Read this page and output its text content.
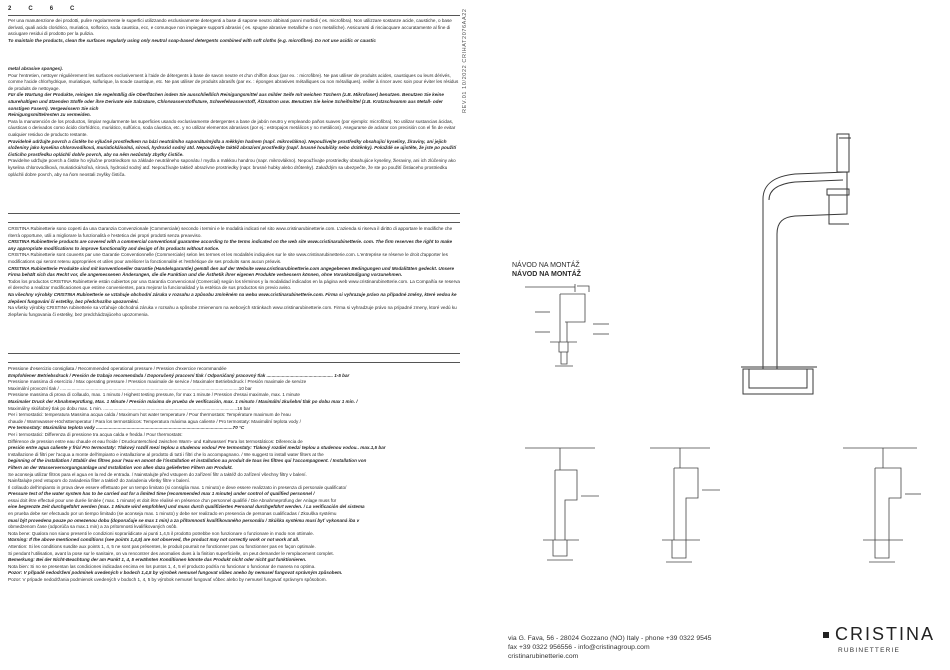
2 C 6 C

Per una manutenzione dei prodotti, pulire regolarmente le superfici utilizzando esclusivamente detergenti a base di sapone neutro abbinati panni morbidi ( es. microfibra). Non utilizzare sostanze acide, caustiche, o base derivati, quali acido cloridrico, muriatico, solforico, soda caustica, ecc, e comunque non impiegare supporti abrasivi ( es. spugne abrasive metalliche o non metalliche). Assicurarsi di risciacquare accuratamente al fine di asciugare residui di prodotto per la pulizia.

To maintain the products, clean the surfaces regularly using only neutral soap-based detergents combined with soft cloths (e.g. microfibre). Do not use acidic or caustic

metal abrasive sponges).

Pour l'entretien, nettoyer régulièrement les surfaces exclusivement à l'aide de détergents à base de savon neutre et d'un chiffon doux (par ex. : microfibre). Ne pas utiliser de produits acides, caustiques ou leurs dérivés, comme l'acide chlorhydrique, muriatique, sulfurique, la soude caustique, etc. Ne pas utiliser de produits abrasifs (par ex. : éponges abrasives métalliques ou non métalliques). veiller à rincer avec soin pour éviter les résidus de produits de nettoyage.

Für die Wartung der Produkte, reinigen Sie regelmäßig die Oberflächen indem Sie ausschließlich Reinigungsmittel aus milder Seife mit weichen Tüchern (z.B. Mikrofaser) benutzen. Benutzen Sie keine säurehaltigen und ätzenden Stoffe oder ihre Derivate wie Salzsäure, Chlorwasserstoffsäure, Schwefelwasserstoff, Ätznatron usw. Benutzen Sie keine Scheifmittel (z.B. Kratzschwamm aus Metall- oder sonstigen Fasern). Vergewissern Sie sich

Reinigungsmittelresten zu vermeiden.

Para la manutención de los productos, limpiar regularmente las superficies usando exclusivamente detergentes a base de jabón neutro y empleando paños suaves (por ejemplo: microfibra). No utilizar sustancias ácidas, cáusticas o derivados como ácido clorhídrico, muriático, sulfúrico, soda cáustica, etc. y no utilizar elementos abrasivos (por ej.: estropajos metálicos y no metálicos). Asegurarse de aclarar con precisión con el fin de evitar cualquier residuo de producto restante.

Pravidelně udržujte povrch a čistěte ho výlučně prostředkem na bázi neutrálního saponátu/mýdla a měkkým hadrem (např. mikrovlákno). Nepoužívejte prostředky obsahující kyseliny, žíraviny, ani jejich složeniny jako kyselina chlorovodíková, muriatická/solná, sírová, hydroxid sodný atd. Nepoužívejte taktéž abrazivní prostředky (např. brusné houbičky nebo drátěnky). Pokaždé se ujistěte, že jste po použití čisticího prostředku opláchli dobře povrch, aby na něm nezůstaly zbytky čističe.

Pravidelne udržujte povrch a čistite ho výlučne prostriedkom na základe neutrálneho saponátu / mydla a mäkkou handrou (napr. mikrovlákno). Nepoužívajte prostriedky obsahujúce kyseliny, žieraviny, ani ich zlúčeniny ako kyselina chlorovodíková, muriatická/soľná, sírová, hydroxid sodný atď. Nepoužívajte taktiež abrazívne prostriedky (napr. brusné hubky alebo drôtenky). Zakaždým sa ubezpečte, že ste po použití čistiaceho prostriedku opláchli dobre povrch, aby na ňom neostali zvyšky čističa.

CRISTINA Rubinetterie sono coperti da una Garanzia Convenzionale (Commerciale) secondo i termini e le modalità indicati nel sito www.cristinarubinetterie.com. L'azienda si riserva il diritto di apportare le modifiche che riterrà opportune, utili a migliorare la funzionalità e l'estetica dei propri prodotti senza preavviso.

CRISTINA Rubinetterie products are covered with a commercial conventional guarantee according to the terms indicated on the web site www.cristinarubinetterie. com. The firm reserves the right to make any appropriate modifications to improve functionality and design of its products without notice.

CRISTINA Rubinetterie sont couverts par une Garantie Conventionnelle (Commerciale) selon les termes et les modalités indiquées sur le site www.cristinarubinetterie.com. L'entreprise se réserve le droit d'apporter les modifications qui seront retenu appropriées et utiles pour améliorer la fonctionnalité et l'esthétique de ses produits sans aucun préavis.

CRISTINA Rubinetterie Produkte sind mit konventioneller Garantie (Handelsgarantie) gemäß den auf der Website www.cristinarubinetterie.com angegebenen Bedingungen und Modalitäten gedeckt. Unsere Firma behält sich das Recht vor, die angemessenen Änderungen, die die Funktion und die Ästhetik ihrer eigenen Produkte verbessern können, ohne Vorankündigung vorzunehmen.

Todos los productos CRISTINA Rubinetterie están cubiertos por una Garantía Convencional (Comercial) según los términos y la modalidad indicados en la página web www.cristinarubinetterie.com. La Compañía se reserva el derecho a realizar modificaciones que estime convenientes, para mejorar la funcionalidad y la estética de sus productos sin previo aviso.

Na všechny výrobky CRISTINA Rubinetterie se vztahuje obchodní záruka v rozsahu a způsobu zmíněném na webu www.cristinarubinetterie.com. Firma si vyhrazuje právo na případné změny, které vedou ke zlepšení fungování či estetiky, bez předchozího upozornění.

Na všetky výrobky CRISTINA rubinetterie sa vzťahuje obchodná záruka v rozsahu a spôsobe zmienenom na webových stránkach www.cristinarubinetterie.com. Firma si vyhradzuje právo na prípadné zmeny, ktoré vedú ku zlepšeniu fungovania či estetiky, bez predchádzajúceho upozornenia.

Pressione d'esercizio consigliata / Recommended operational pressure / Pression d'exercice recommandée

Empfohlener Betriebsdruck / Presión de trabajo recomendada / Doporučený pracovní tlak / Odporúčaný pracovný tlak .................................................... 1-5 bar

Pressione massima di esercizio / Max operating pressure / Pression maximale de service / Maximaler Betriebsdruck / Presión maximale de servize

Maximální provozní tlak / ............................................................................................................................................10 bar

Pressione massima di prova di collaudo, max. 1 minuto / Highest testing pressure, for max 1 minute / Pression d'essai maximale, max. 1 minute

Maximaler Druck der Abnahmeprüfung, Max. 1 Minute / Presión máxima de prueba de verificación, max. 1 minuto / Maximální zkušební tlak po dobu max 1 min. /

Maximálny skúšobný tlak po dobu max. 1 min. .........................................................................................................16 bar

Per i termostatici: temperatura Massima acqua calda / Maximum hot water temperature / Pour thermostats: Température maximum de l'eau

chaude / Warmwasser-Höchsttemperatur / Para los termostáticos: Temperatura máxima agua caliente / Pro termostaty: Maximální teplota vody /

Pre termostaty: Maximálna teplota vody ...........................................................................................................70 °C

Per i termostatici: Differenza di pressione tra acqua calda e fredda / Pour thermostats:

Différence de pression entre eau chaude et eau froide / Druckunterschied zwischen Warm- und Kaltwasser/ Para los termostáticos: Diferencia de

presión entre agua caliente y fría/ Pro termostaty: Tlakový rozdíl mezi teplou a studenou vodou/ Pre termostaty: Tlakový rozdiel medzi teplou a studenou vodou.. max.1,5 bar

Installazione di filtri per l'acqua a monte dell'impianto e installazione al prodotto di tutti i filtri che lo accompagnano. / We suggest to install water filters at the

beginning of the installation / Etablir des filtres pour l'eau en amont de l'installation et installation au produit de tous les filtres qui l'accompagnent. / Installation von

Filtern an der Wasserversorgungsanlage und Installation von allen dazu gelieferten Filtern am Produkt.

Se aconseja utilizar filtros para el agua en la red de entrada. / Nainstalujte před vstupem do zařízení filtr a taktéž do zařízení všechny filtry v balení.

Nainštalujte pred vstupom do zariadenia filter a taktiež do zariadenia všetky filtre v balení.

Il collaudo dell'impianto in prova deve essere effettuato per un tempo limitato (si consiglia max. 1 minuto) e deve essere realizzato in presenza di personale qualificato/

Pressure test of the water system has to be carried out for a limited time (recommended max 1 minute) under control of qualified personnel /

essai doit être effectué pour une durée limitée ( max. 1 minute) et doit être réalisé en présence d'un personnel qualifié / Die Abnahmeprüfung der Anlage muss für

eine begrenzte Zeit durchgeführt werden (max. 1 Minute wird empfohlen) und muss durch qualifiziertes Personal durchgeführt werden. / La verificación del sistema

en prueba debe ser efectuado por un tiempo limitado (se aconseja max. 1 minuto) y debe ser realizado en presencia de personas cualificadas / Zkouška systému

musí být provedena pouze po omezenou dobu (doporučuje se max 1 min) a za přítomnosti kvalifikovaného personálu / Skúška systému musí byť vykonaná iba v

obmedzenom čase (odporúča sa max.1 min) a za prítomnosti kvalifikovaných osôb.

Nota bene: Qualora non siano presenti le condizioni soprariidicate ai punti 1,4,5 il prodotto potrebbe non funzionare o funzionare in modo non ottimale.

Warning: If the above mentioned conditions (see points 1,4,5) are not observed, the product may not correctly work or not work at all.

Attention: Si les conditions susdite aux points 1, 4, 5 ne sont pas présentes, le produit pourrait ne fonctionner pas ou fonctionner pas en façon optimale.

Si pendant l'utilisation, avant la pose sur le sanitaire, on va rencontrer des anomalies dues à la finition superficielle, on peut demander le remplacement complet.

Bemerkung: Bei der Nicht-Beachtung der am Punkt 1, 4, 5 erwähnten Konditionen könnte das Produkt nicht oder nicht gut funktionieren.

Nota bien: Si no se presentan las condiciones indicadas encima en los puntos 1, 4, 5 el producto podría no funcionar o funcionar de manera no optima.

Pozor: V případě nedodržení podmínek uvedených v bodech 1,4,5 by výrobek nemusel fungovat vůbec anebo by nemusel fungovat správným způsobem.

Pozor: V prípade nedodržania podmienok uvedených v bodoch 1, 4, 5 by výrobok nemusel fungovať vôbec alebo by nemusel fungovať správnym spôsobom.

REV.01 10/2022 CRIHAT2076AA22
NÁVOD NA MONTÁŽ
NÁVOD NA MONTÁŽ
via G. Fava, 56 - 28024 Gozzano (NO) Italy - phone +39 0322 9545
fax +39 0322 956556 - info@cristinagroup.com
cristinarubinetterie.com
CRISTINA
RUBINETTERIE
